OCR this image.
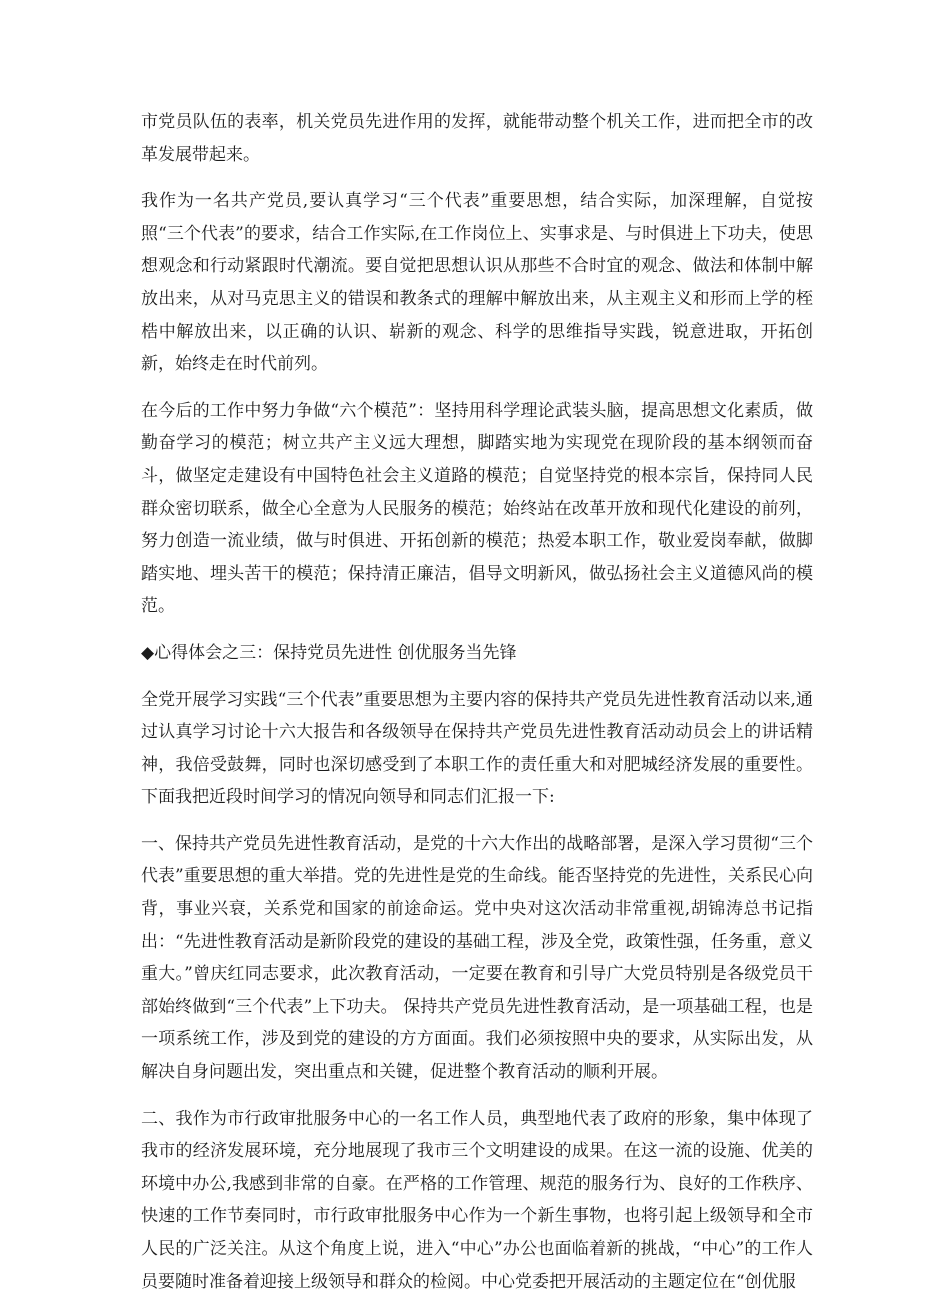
市党员队伍的表率，机关党员先进作用的发挥，就能带动整个机关工作，进而把全市的改革发展带起来。

我作为一名共产党员,要认真学习“三个代表”重要思想，结合实际，加深理解，自觉按照“三个代表”的要求，结合工作实际,在工作岗位上、实事求是、与时俱进上下功夫，使思想观念和行动紧跟时代潮流。要自觉把思想认识从那些不合时宜的观念、做法和体制中解放出来，从对马克思主义的错误和教条式的理解中解放出来，从主观主义和形而上学的桎梏中解放出来，以正确的认识、崭新的观念、科学的思维指导实践，锐意进取，开拓创新，始终走在时代前列。

在今后的工作中努力争做“六个模范”：坚持用科学理论武装头脑，提高思想文化素质，做勤奋学习的模范；树立共产主义远大理想，脚踏实地为实现党在现阶段的基本纲领而奋斗，做坚定走建设有中国特色社会主义道路的模范；自觉坚持党的根本宗旨，保持同人民群众密切联系，做全心全意为人民服务的模范；始终站在改革开放和现代化建设的前列，努力创造一流业绩，做与时俱进、开拓创新的模范；热爱本职工作，敬业爱岗奉献，做脚踏实地、埋头苦干的模范；保持清正廉洁，倡导文明新风，做弘扬社会主义道德风尚的模范。

◆心得体会之三：保持党员先进性 创优服务当先锋

全党开展学习实践“三个代表”重要思想为主要内容的保持共产党员先进性教育活动以来,通过认真学习讨论十六大报告和各级领导在保持共产党员先进性教育活动动员会上的讲话精神，我倍受鼓舞，同时也深切感受到了本职工作的责任重大和对肥城经济发展的重要性。下面我把近段时间学习的情况向领导和同志们汇报一下:

一、保持共产党员先进性教育活动，是党的十六大作出的战略部署，是深入学习贯彻“三个代表”重要思想的重大举措。党的先进性是党的生命线。能否坚持党的先进性，关系民心向背，事业兴衰，关系党和国家的前途命运。党中央对这次活动非常重视,胡锦涛总书记指出：“先进性教育活动是新阶段党的建设的基础工程，涉及全党，政策性强，任务重，意义重大。”曾庆红同志要求，此次教育活动，一定要在教育和引导广大党员特别是各级党员干部始终做到“三个代表”上下功夫。 保持共产党员先进性教育活动，是一项基础工程，也是一项系统工作，涉及到党的建设的方方面面。我们必须按照中央的要求，从实际出发，从解决自身问题出发，突出重点和关键，促进整个教育活动的顺利开展。

二、我作为市行政审批服务中心的一名工作人员，典型地代表了政府的形象，集中体现了我市的经济发展环境，充分地展现了我市三个文明建设的成果。在这一流的设施、优美的环境中办公,我感到非常的自豪。在严格的工作管理、规范的服务行为、良好的工作秩序、快速的工作节奏同时，市行政审批服务中心作为一个新生事物，也将引起上级领导和全市人民的广泛关注。从这个角度上说，进入“中心”办公也面临着新的挑战，“中心”的工作人员要随时准备着迎接上级领导和群众的检阅。中心党委把开展活动的主题定位在“创优服
